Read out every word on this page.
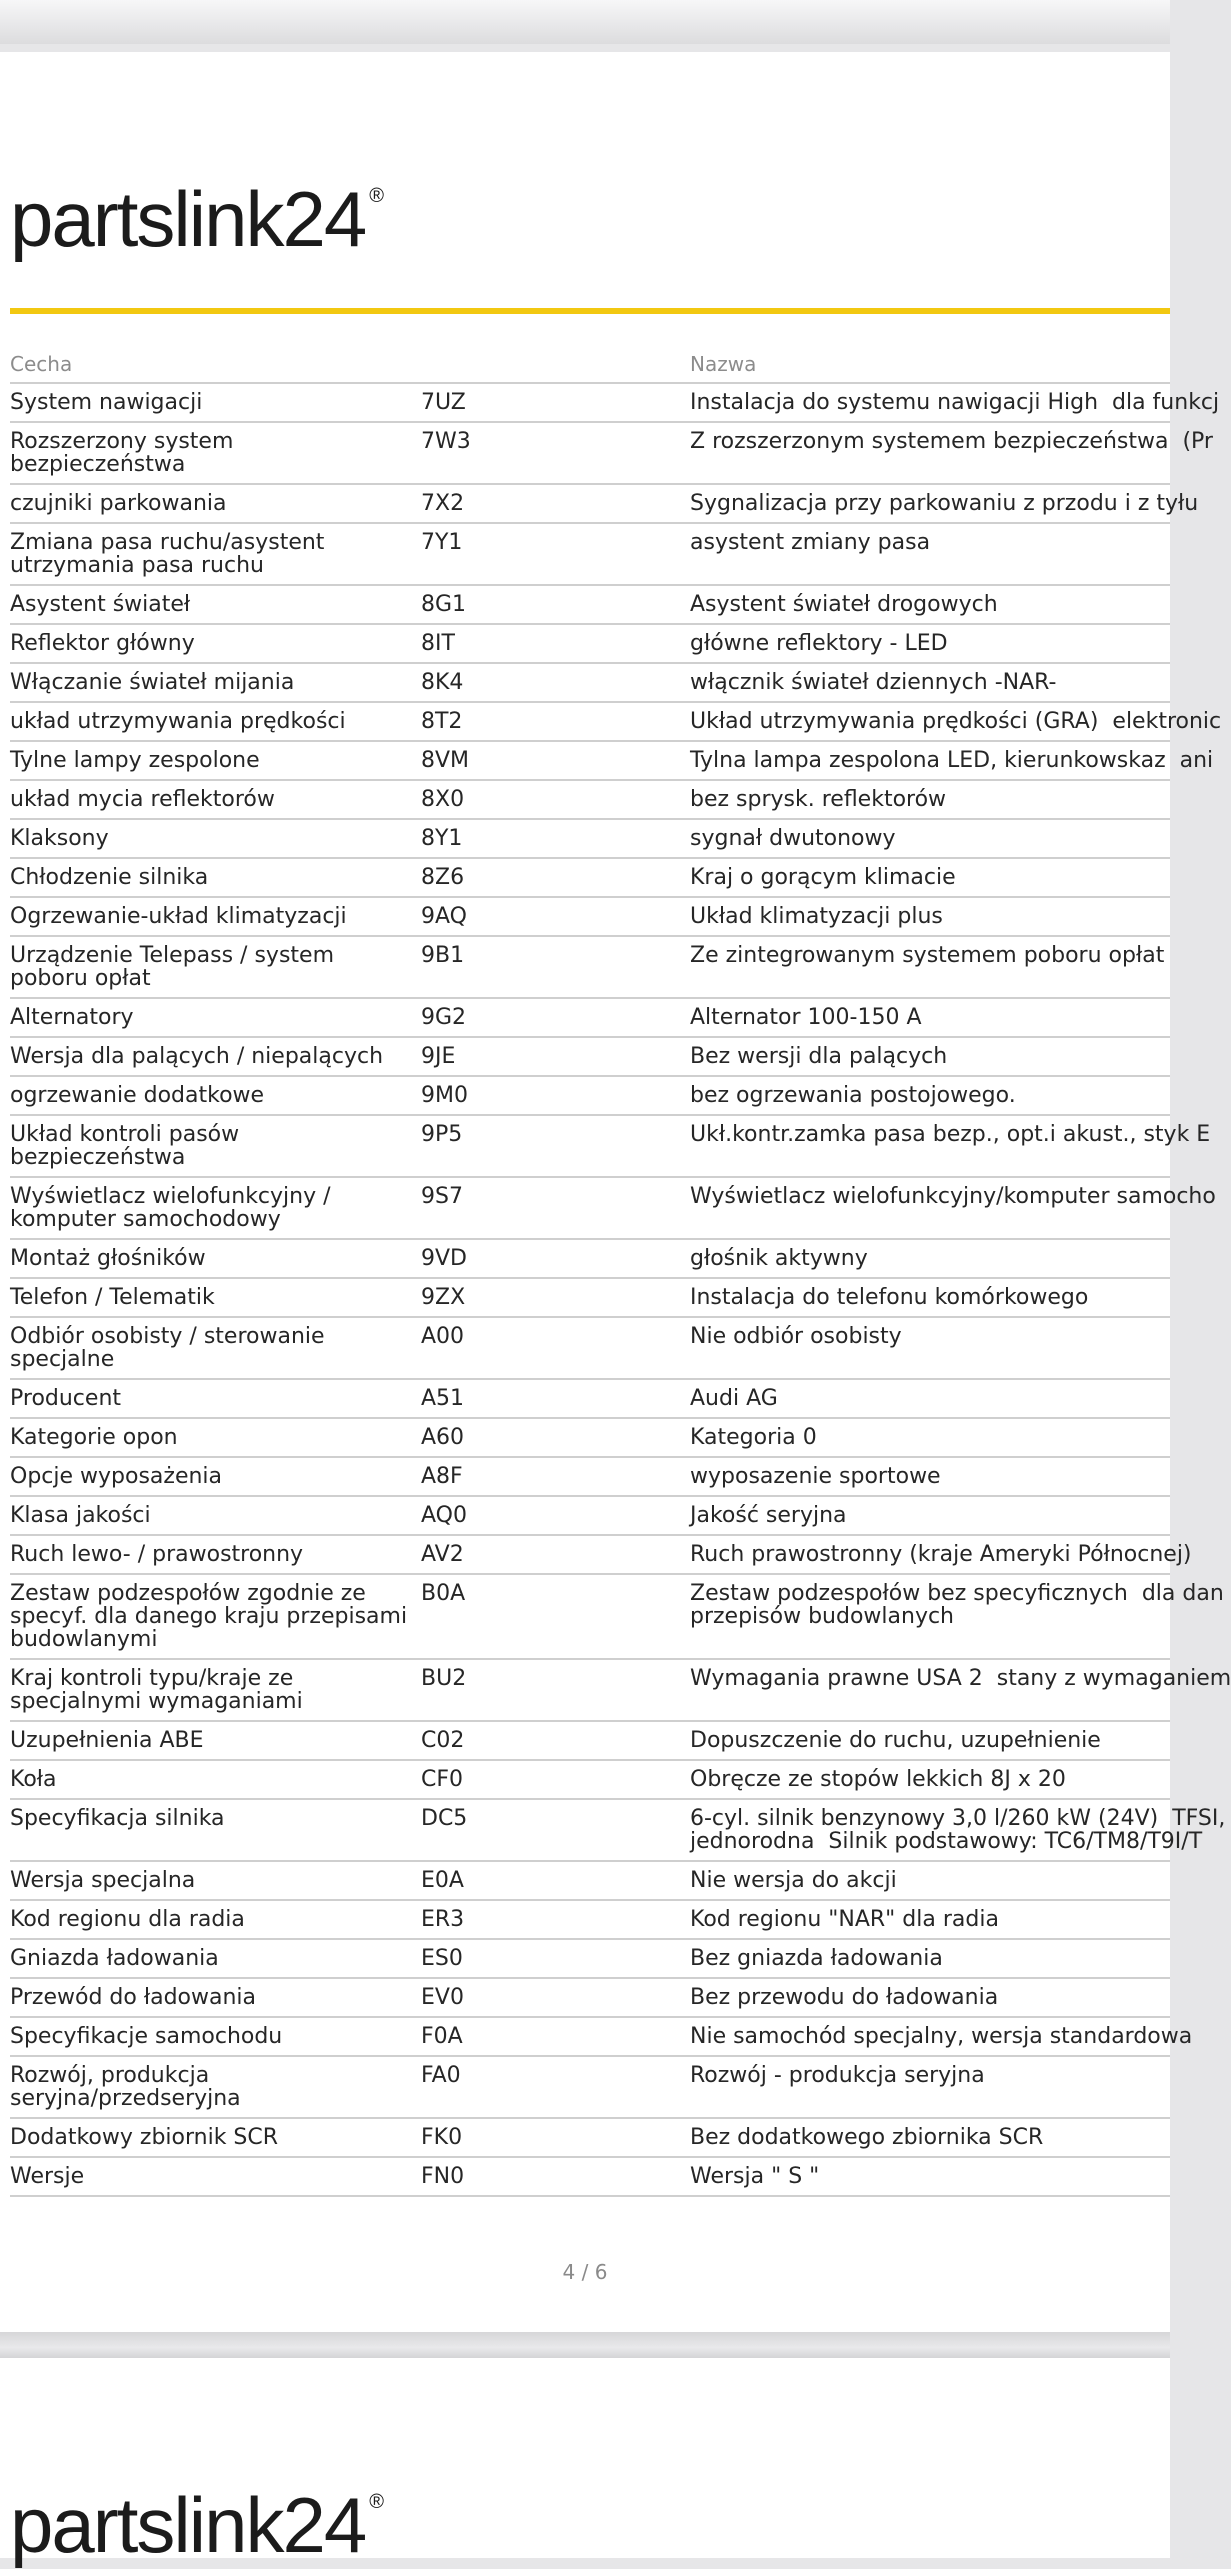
partslink24 ®
Cecha	Nazwa
System nawigacji	7UZ	Instalacja do systemu nawigacji High  dla funkcj
Rozszerzony system bezpieczeństwa
7W3	Z rozszerzonym systemem bezpieczeństwa  (Pr
czujniki parkowania	7X2	Sygnalizacja przy parkowaniu z przodu i z tyłu
Zmiana pasa ruchu/asystent utrzymania pasa ruchu
7Y1	asystent zmiany pasa
Asystent świateł	8G1	Asystent świateł drogowych
Reflektor główny	8IT	główne reflektory - LED
Włączanie świateł mijania	8K4	włącznik świateł dziennych -NAR-
układ utrzymywania prędkości	8T2	Układ utrzymywania prędkości (GRA)  elektronic
Tylne lampy zespolone	8VM	Tylna lampa zespolona LED, kierunkowskaz  ani
układ mycia reflektorów	8X0	bez sprysk. reflektorów
Klaksony	8Y1	sygnał dwutonowy
Chłodzenie silnika	8Z6	Kraj o gorącym klimacie
Ogrzewanie-układ klimatyzacji	9AQ	Układ klimatyzacji plus
Urządzenie Telepass / system poboru opłat
9B1	Ze zintegrowanym systemem poboru opłat
Alternatory	9G2	Alternator 100-150 A
Wersja dla palących / niepalących	9JE	Bez wersji dla palących
ogrzewanie dodatkowe	9M0	bez ogrzewania postojowego.
Układ kontroli pasów bezpieczeństwa
9P5	Ukł.kontr.zamka pasa bezp., opt.i akust., styk E
Wyświetlacz wielofunkcyjny / komputer samochodowy
9S7	Wyświetlacz wielofunkcyjny/komputer samocho
Montaż głośników	9VD	głośnik aktywny
Telefon / Telematik	9ZX	Instalacja do telefonu komórkowego
Odbiór osobisty / sterowanie specjalne
A00	Nie odbiór osobisty
Producent	A51	Audi AG
Kategorie opon	A60	Kategoria 0
Opcje wyposażenia	A8F	wyposazenie sportowe
Klasa jakości	AQ0	Jakość seryjna
Ruch lewo- / prawostronny	AV2	Ruch prawostronny (kraje Ameryki Północnej)
Zestaw podzespołów zgodnie ze specyf. dla danego kraju przepisami budowlanymi
B0A	Zestaw podzespołów bez specyficznych  dla dan
przepisów budowlanych
Kraj kontroli typu/kraje ze specjalnymi wymaganiami
BU2	Wymagania prawne USA 2  stany z wymaganiem
Uzupełnienia ABE	C02	Dopuszczenie do ruchu, uzupełnienie
Koła	CF0	Obręcze ze stopów lekkich 8J x 20
Specyfikacja silnika	DC5	6-cyl. silnik benzynowy 3,0 l/260 kW (24V)  TFSI,
jednorodna  Silnik podstawowy: TC6/TM8/T9I/T
Wersja specjalna	E0A	Nie wersja do akcji
Kod regionu dla radia	ER3	Kod regionu "NAR" dla radia
Gniazda ładowania	ES0	Bez gniazda ładowania
Przewód do ładowania	EV0	Bez przewodu do ładowania
Specyfikacje samochodu	F0A	Nie samochód specjalny, wersja standardowa
Rozwój, produkcja seryjna/przedseryjna
FA0	Rozwój - produkcja seryjna
Dodatkowy zbiornik SCR	FK0	Bez dodatkowego zbiornika SCR
Wersje	FN0	Wersja " S "
4 / 6
partslink24 ®
